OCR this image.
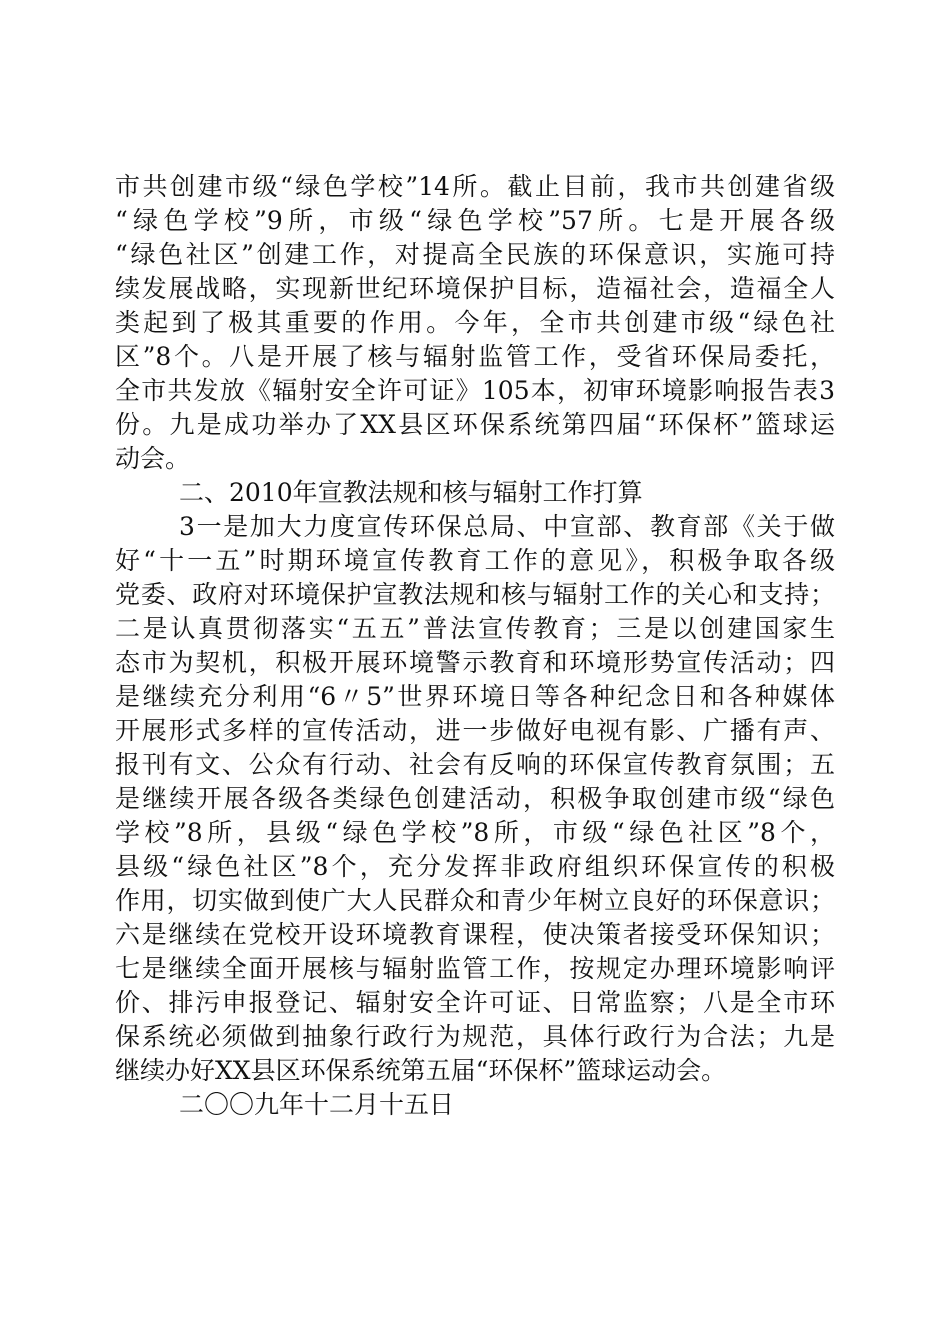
市共创建市级“绿色学校”14所。截止目前，我市共创建省级
“绿色学校”9所，市级“绿色学校”57所。七是开展各级
“绿色社区”创建工作，对提高全民族的环保意识，实施可持
续发展战略，实现新世纪环境保护目标，造福社会，造福全人
类起到了极其重要的作用。今年，全市共创建市级“绿色社
区”8个。八是开展了核与辐射监管工作，受省环保局委托，
全市共发放《辐射安全许可证》105本，初审环境影响报告表3
份。九是成功举办了XX县区环保系统第四届“环保杯”篮球运
动会。
二、2010年宣教法规和核与辐射工作打算
3一是加大力度宣传环保总局、中宣部、教育部《关于做
好“十一五”时期环境宣传教育工作的意见》，积极争取各级
党委、政府对环境保护宣教法规和核与辐射工作的关心和支持；
二是认真贯彻落实“五五”普法宣传教育；三是以创建国家生
态市为契机，积极开展环境警示教育和环境形势宣传活动；四
是继续充分利用“6〃5”世界环境日等各种纪念日和各种媒体
开展形式多样的宣传活动，进一步做好电视有影、广播有声、
报刊有文、公众有行动、社会有反响的环保宣传教育氛围；五
是继续开展各级各类绿色创建活动，积极争取创建市级“绿色
学校”8所，县级“绿色学校”8所，市级“绿色社区”8个，
县级“绿色社区”8个，充分发挥非政府组织环保宣传的积极
作用，切实做到使广大人民群众和青少年树立良好的环保意识；
六是继续在党校开设环境教育课程，使决策者接受环保知识；
七是继续全面开展核与辐射监管工作，按规定办理环境影响评
价、排污申报登记、辐射安全许可证、日常监察；八是全市环
保系统必须做到抽象行政行为规范，具体行政行为合法；九是
继续办好XX县区环保系统第五届“环保杯”篮球运动会。
二〇〇九年十二月十五日
